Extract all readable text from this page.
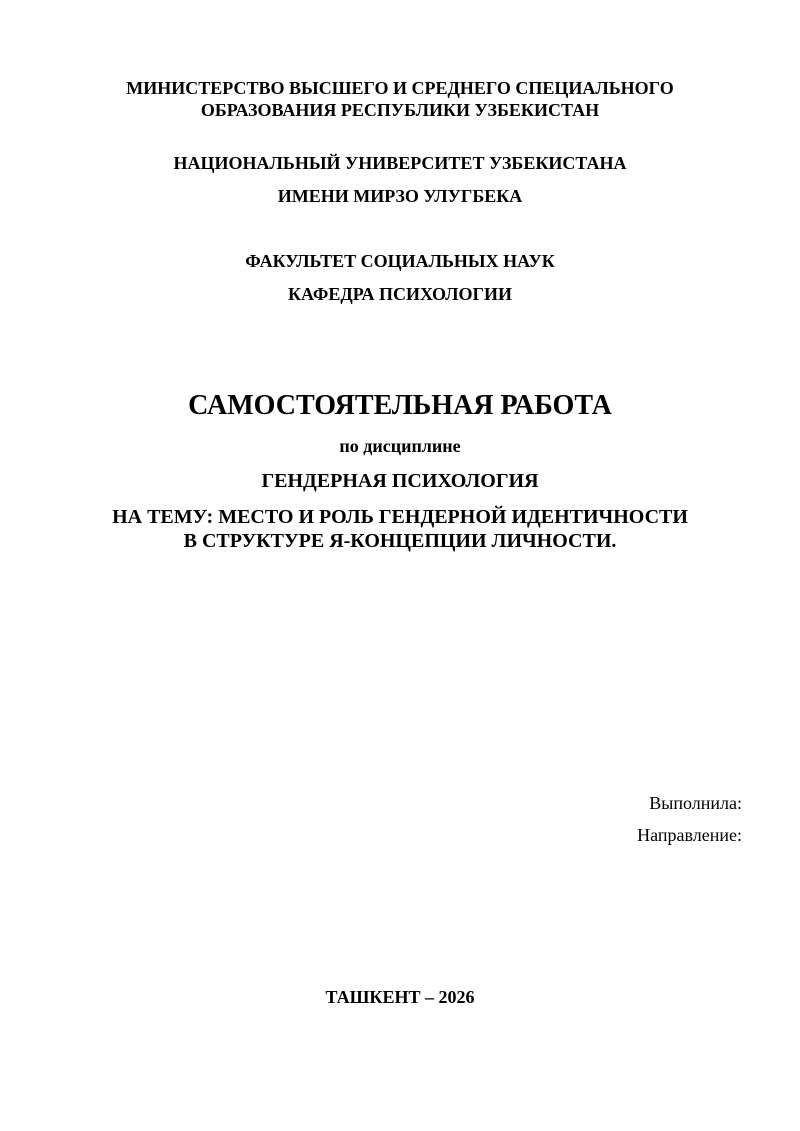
МИНИСТЕРСТВО ВЫСШЕГО И СРЕДНЕГО СПЕЦИАЛЬНОГО
ОБРАЗОВАНИЯ РЕСПУБЛИКИ УЗБЕКИСТАН
НАЦИОНАЛЬНЫЙ УНИВЕРСИТЕТ УЗБЕКИСТАНА
ИМЕНИ МИРЗО УЛУГБЕКА
ФАКУЛЬТЕТ СОЦИАЛЬНЫХ НАУК
КАФЕДРА ПСИХОЛОГИИ
САМОСТОЯТЕЛЬНАЯ РАБОТА
по дисциплине
ГЕНДЕРНАЯ ПСИХОЛОГИЯ
НА ТЕМУ: МЕСТО И РОЛЬ ГЕНДЕРНОЙ ИДЕНТИЧНОСТИ
В СТРУКТУРЕ Я-КОНЦЕПЦИИ ЛИЧНОСТИ.
Выполнила:
Направление:
ТАШКЕНТ – 2026
